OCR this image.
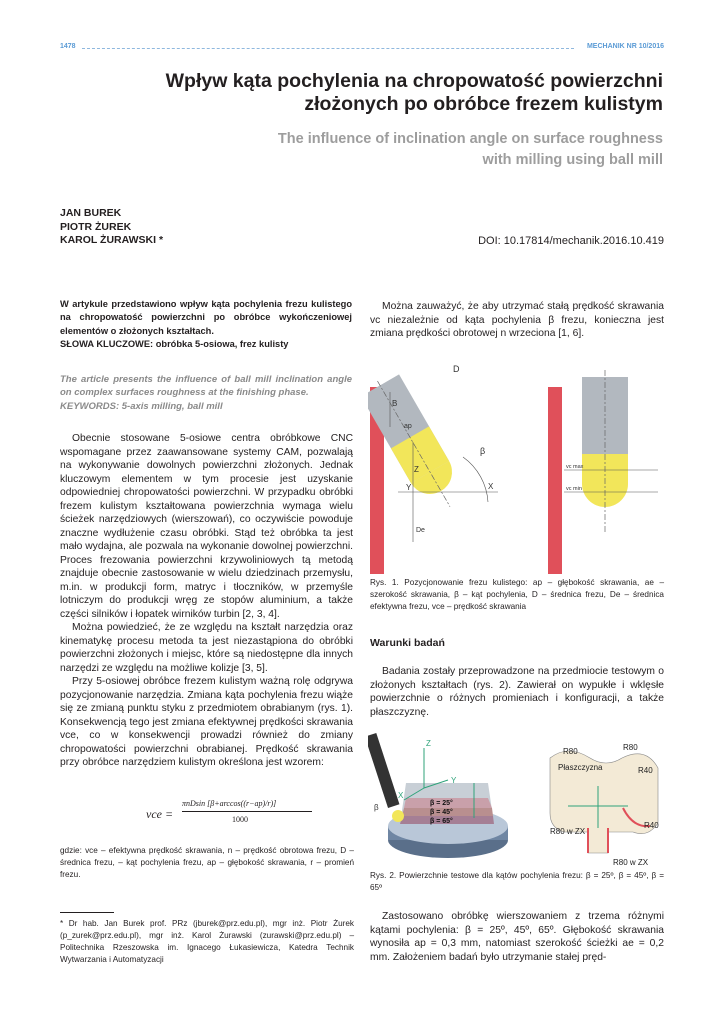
1478	MECHANIK NR 10/2016
Wpływ kąta pochylenia na chropowatość powierzchni
złożonych po obróbce frezem kulistym
The influence of inclination angle on surface roughness
with milling using ball mill
JAN BUREK
PIOTR ŻUREK
KAROL ŻURAWSKI *	DOI: 10.17814/mechanik.2016.10.419
W artykule przedstawiono wpływ kąta pochylenia frezu kulistego na chropowatość powierzchni po obróbce wykończeniowej elementów o złożonych kształtach.
SŁOWA KLUCZOWE: obróbka 5-osiowa, frez kulisty
The article presents the influence of ball mill inclination angle on complex surfaces roughness at the finishing phase.
KEYWORDS: 5-axis milling, ball mill

Obecnie stosowane 5-osiowe centra obróbkowe CNC wspomagane przez zaawansowane systemy CAM, pozwalają na wykonywanie dowolnych powierzchni złożonych. Jednak kluczowym elementem w tym procesie jest uzyskanie odpowiedniej chropowatości powierzchni. W przypadku obróbki frezem kulistym kształtowana powierzchnia wymaga wielu ścieżek narzędziowych (wierszowań), co oczywiście powoduje znaczne wydłużenie czasu obróbki. Stąd też obróbka ta jest mało wydajna, ale pozwala na wykonanie dowolnej powierzchni. Proces frezowania powierzchni krzywoliniowych tą metodą znajduje obecnie zastosowanie w wielu dziedzinach przemysłu, m.in. w produkcji form, matryc i tłoczników, w przemyśle lotniczym do produkcji wręg ze stopów aluminium, a także części silników i łopatek wirników turbin [2, 3, 4].

Można powiedzieć, że ze względu na kształt narzędzia oraz kinematykę procesu metoda ta jest niezastąpiona do obróbki powierzchni złożonych i miejsc, które są niedostępne dla innych narzędzi ze względu na możliwe kolizje [3, 5].

Przy 5-osiowej obróbce frezem kulistym ważną rolę odgrywa pozycjonowanie narzędzia. Zmiana kąta pochylenia frezu wiąże się ze zmianą punktu styku z przedmiotem obrabianym (rys. 1). Konsekwencją tego jest zmiana efektywnej prędkości skrawania vce, co w konsekwencji prowadzi również do zmiany chropowatości powierzchni obrabianej. Prędkość skrawania przy obróbce narzędziem kulistym określona jest wzorem:

vce =
πnDsin [β+arccos((r−ap)/r)]
1000
gdzie: vce – efektywna prędkość skrawania, n – prędkość obrotowa frezu, D – średnica frezu, – kąt pochylenia frezu, ap – głębokość skrawania, r – promień frezu.
* Dr hab. Jan Burek prof. PRz (jburek@prz.edu.pl), mgr inż. Piotr Żurek (p_zurek@prz.edu.pl), mgr inż. Karol Żurawski (zurawski@prz.edu.pl) – Politechnika Rzeszowska im. Ignacego Łukasiewicza, Katedra Technik Wytwarzania i Automatyzacji

Można zauważyć, że aby utrzymać stałą prędkość skrawania vc niezależnie od kąta pochylenia β frezu, konieczna jest zmiana prędkości obrotowej n wrzeciona [1, 6].

B
D
ap
β
Z
Y	X
De
vc max
vc min
Rys. 1. Pozycjonowanie frezu kulistego: ap – głębokość skrawania, ae – szerokość skrawania, β – kąt pochylenia, D – średnica frezu, De – średnica efektywna frezu, vce – prędkość skrawania
Warunki badań

Badania zostały przeprowadzone na przedmiocie testowym o złożonych kształtach (rys. 2). Zawierał on wypukłe i wklęsłe powierzchnie o różnych promieniach i konfiguracji, a także płaszczyznę.

Z
Y
X
β	β = 25°
β = 45°
β = 65°
Płaszczyzna
R80	R80
R40
R40
R80 w ZX
R80 w ZX
Rys. 2. Powierzchnie testowe dla kątów pochylenia frezu: β = 25º, β = 45º, β = 65º

Zastosowano obróbkę wierszowaniem z trzema różnymi kątami pochylenia: β = 25º, 45º, 65º. Głębokość skrawania wynosiła ap = 0,3 mm, natomiast szerokość ścieżki ae = 0,2 mm. Założeniem badań było utrzymanie stałej pręd-
